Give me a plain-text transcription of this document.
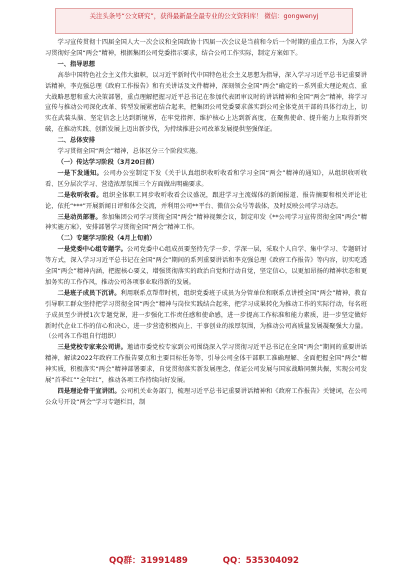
关注头条号“公文研究”，获得最新最全最专业的公文资料库！ 微信：gongwenyj

学习宣传贯彻十四届全国人大一次会议和全国政协十四届一次会议是当前和今后一个时期的重点工作，为深入学习贯彻好全国“两会”精神，根据集团公司党委指示要求，结合公司工作实际，制定方案如下。

一、指导思想

高举中国特色社会主义伟大旗帜，以习近平新时代中国特色社会主义思想为指导，深入学习习近平总书记重要讲话精神，李克强总理《政府工作报告》和有关讲话及文件精神，深刻领会全国“两会”确定的一系列重大理论观点、重大战略思想和重大决策部署，重点理解把握习近平总书记在参加代表团审议时的讲话精神和全国“两会”精神，将学习宣传与推动公司深化改革、转型发展紧密结合起来，把集团公司党委要求落实到公司全体党员干部的具体行动上，切实在武装头脑、坚定信念上达到新境界，在牢党指挥、维护核心上达到新高度，在聚焦使命、提升能力上取得新突破，在推动实践、创新发展上迈出新步伐，为持续推进公司改革发展提供坚强保证。

二、总体安排

学习贯彻全国“两会”精神，总体区分三个阶段实施。

（一）传达学习阶段（3月20日前）

一是下发通知。公司办公室制定下发《关于认真组织收听收看和学习全国“两会”精神的通知》，从组织收听收看、区分层次学习、营造浓厚氛围三个方面做出明确要求。

二是收听收看。组织全体职工同步收听收看会议盛况，跟进学习主流媒体的新闻报道、报告摘要和相关评论社论，依托“***”开展新闻日评和体会交流，并利用公司**平台、微信公众号等载体，及时反映公司学习动态。

三是动员部署。参加集团公司学习贯彻全国“两会”精神视频会议，制定印发《**公司学习宣传贯彻全国“两会”精神实施方案》，安排部署学习贯彻全国“两会”精神工作。

（二）专题学习阶段（4月上旬前）

一是党委中心组专题学。公司党委中心组成员要坚持先学一步、学深一层，采取个人自学、集中学习、专题研讨等方式，深入学习习近平总书记在全国“两会”期间的系列重要讲话和李克强总理《政府工作报告》等内容，切实吃透全国“两会”精神内涵，把握核心要义，增强贯彻落实的政治自觉和行动自觉，坚定信心，以更加昂扬的精神状态和更加务实的工作作风，推动公司各项事业取得新的发展。

二是班子成员下沉讲。利用联系点帮带时机，组织党委班子成员为分管单位和联系点讲授全国“两会”精神，教育引导职工群众坚持把学习贯彻全国“两会”精神与岗位实践结合起来，把学习成果转化为推动工作的实际行动，每名班子成员至少讲授1次专题党课，进一步强化工作责任感和使命感，进一步提高工作标准和能力素质，进一步坚定做好新时代企业工作的信心和决心，进一步营造积极向上、干事创业的浓厚氛围，为推动公司高质量发展凝聚强大力量。（公司各工作组自行组织）

三是党校专家来公司讲。邀请市委党校专家到公司围绕深入学习贯彻习近平总书记在全国“两会”期间的重要讲话精神，解读2022年政府工作报告要点和主要目标任务等，引导公司全体干部职工准确理解、全面把握全国“两会”精神实质，积极落实“两会”精神部署要求，自觉贯彻落实新发展理念，保证公司发展与国家战略同频共振，实现公司发展“首季红”“全年红”，推动各项工作持续向好发展。

四是理论骨干宣讲团。公司机关业务部门，梳理习近平总书记重要讲话精神和《政府工作报告》关键词，在公司公众号开设“两会”学习专题栏目，制

QQ群：31991489	QQ：535304092
